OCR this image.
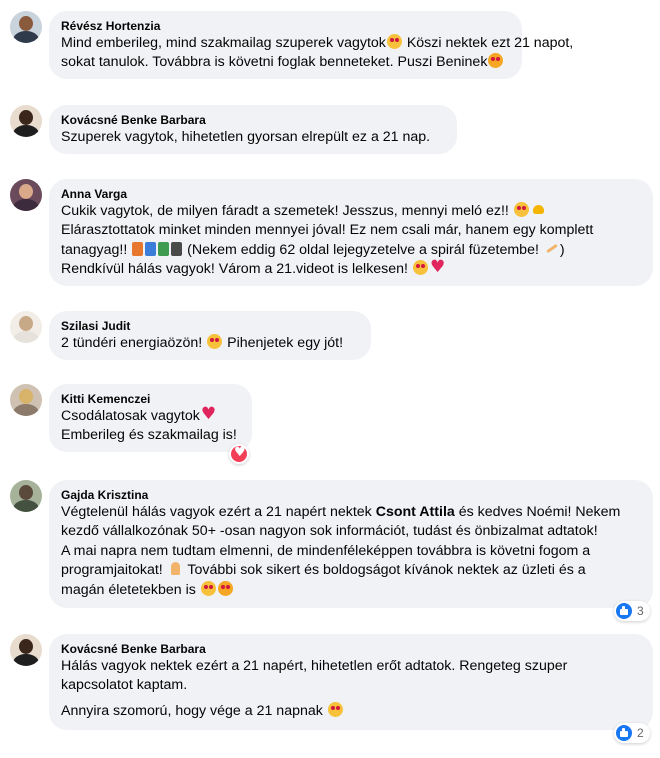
Révész Hortenzia
Mind emberileg, mind szakmailag szuperek vagytok Köszi nektek ezt 21 napot,
sokat tanulok. Továbbra is követni foglak benneteket. Puszi Beninek
Kovácsné Benke Barbara
Szuperek vagytok, hihetetlen gyorsan elrepült ez a 21 nap.
Anna Varga
Cukik vagytok, de milyen fáradt a szemetek! Jesszus, mennyi meló ez!!
Elárasztottatok minket minden mennyei jóval! Ez nem csali már, hanem egy komplett
tanagyag!!	(Nekem eddig 62 oldal lejegyzetelve a spirál füzetembe! )
Rendkívül hálás vagyok! Várom a 21.videot is lelkesen! ♥
Szilasi Judit
2 tündéri energiaözön! Pihenjetek egy jót!
Kitti Kemenczei
Csodálatosak vagytok♥
Emberileg és szakmailag is!
♥
Gajda Krisztina
Végtelenül hálás vagyok ezért a 21 napért nektek Csont Attila és kedves Noémi! Nekem
kezdő vállalkozónak 50+ -osan nagyon sok információt, tudást és önbizalmat adtatok!
A mai napra nem tudtam elmenni, de mindenféleképpen továbbra is követni fogom a
programjaitokat!  További sok sikert és boldogságot kívánok nektek az üzleti és a
magán életetekben is
3
Kovácsné Benke Barbara
Hálás vagyok nektek ezért a 21 napért, hihetetlen erőt adtatok. Rengeteg szuper
kapcsolatot kaptam.
Annyira szomorú, hogy vége a 21 napnak
2
